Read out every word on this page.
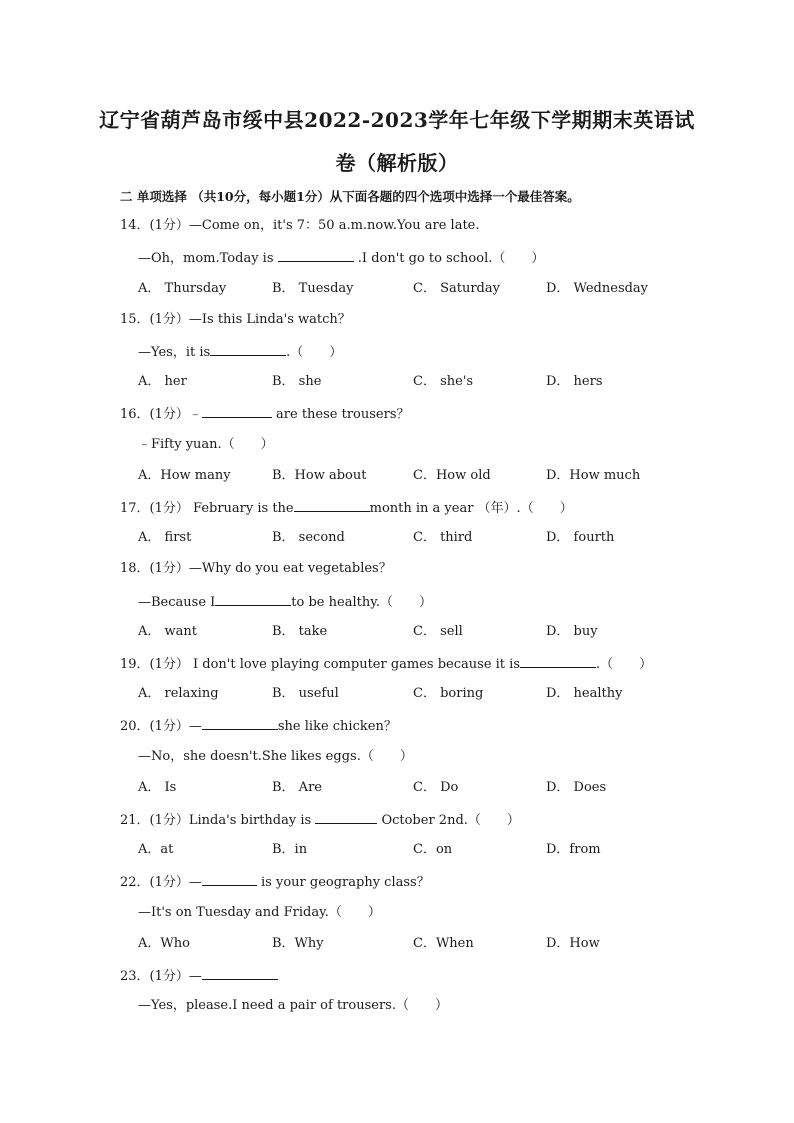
辽宁省葫芦岛市绥中县2022-2023学年七年级下学期期末英语试
卷（解析版）
二 单项选择 （共10分，每小题1分）从下面各题的四个选项中选择一个最佳答案。
14．(1分）—Come on，it's 7：50 a.m.now.You are late.
—Oh，mom.Today is	.I don't go to school.（　　）
A． Thursday	B． Tuesday	C． Saturday	D． Wednesday
15．(1分）—Is this Linda's watch？
—Yes，it is	.（　　）
A． her	B． she	C． she's	D． hers
16．(1分）﹣	are these trousers？
﹣Fifty yuan.（　　）
A．How many	B．How about	C．How old	D．How much
17．(1分） February is the	month in a year （年）.（　　）
A． first	B． second	C． third	D． fourth
18．(1分）—Why do you eat vegetables？
—Because I	to be healthy.（　　）
A． want	B． take	C． sell	D． buy
19．(1分） I don't love playing computer games because it is	.（　　）
A． relaxing	B． useful	C． boring	D． healthy
20．(1分）—	she like chicken？
—No，she doesn't.She likes eggs.（　　）
A． Is	B． Are	C． Do	D． Does
21．(1分）Linda's birthday is	October 2nd.（　　）
A．at	B．in	C．on	D．from
22．(1分）—	is your geography class？
—It's on Tuesday and Friday.（　　）
A．Who	B．Why	C．When	D．How
23．(1分）—
—Yes，please.I need a pair of trousers.（　　）
